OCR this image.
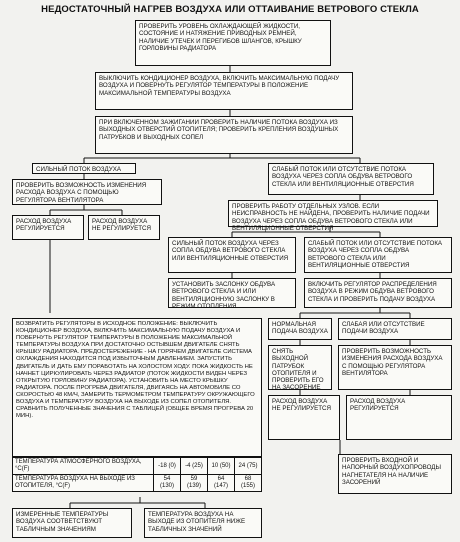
НЕДОСТАТОЧНЫЙ НАГРЕВ ВОЗДУХА ИЛИ ОТТАИВАНИЕ ВЕТРОВОГО СТЕКЛА
ПРОВЕРИТЬ УРОВЕНЬ ОХЛАЖДАЮЩЕЙ ЖИДКОСТИ, СОСТОЯНИЕ И НАТЯЖЕНИЕ ПРИВОДНЫХ РЕМНЕЙ, НАЛИЧИЕ УТЕЧЕК И ПЕРЕГИБОВ ШЛАНГОВ, КРЫШКУ ГОРЛОВИНЫ РАДИАТОРА
ВЫКЛЮЧИТЬ КОНДИЦИОНЕР ВОЗДУХА, ВКЛЮЧИТЬ МАКСИМАЛЬНУЮ ПОДАЧУ ВОЗДУХА И ПОВЕРНУТЬ РЕГУЛЯТОР ТЕМПЕРАТУРЫ В ПОЛОЖЕНИЕ МАКСИМАЛЬНОЙ ТЕМПЕРАТУРЫ ВОЗДУХА
ПРИ ВКЛЮЧЕННОМ ЗАЖИГАНИИ ПРОВЕРИТЬ НАЛИЧИЕ ПОТОКА ВОЗДУХА ИЗ ВЫХОДНЫХ ОТВЕРСТИЙ ОТОПИТЕЛЯ; ПРОВЕРИТЬ КРЕПЛЕНИЯ ВОЗДУШНЫХ ПАТРУБКОВ И ВЫХОДНЫХ СОПЕЛ
СИЛЬНЫЙ ПОТОК ВОЗДУХА	СЛАБЫЙ ПОТОК ИЛИ ОТСУТСТВИЕ ПОТОКА ВОЗДУХА ЧЕРЕЗ СОПЛА ОБДУВА ВЕТРОВОГО СТЕКЛА ИЛИ ВЕНТИЛЯЦИОННЫЕ ОТВЕРСТИЯ
ПРОВЕРИТЬ ВОЗМОЖНОСТЬ ИЗМЕНЕНИЯ РАСХОДА ВОЗДУХА С ПОМОЩЬЮ РЕГУЛЯТОРА ВЕНТИЛЯТОРА
РАСХОД ВОЗДУХА РЕГУЛИРУЕТСЯ
РАСХОД ВОЗДУХА НЕ РЕГУЛИРУЕТСЯ
ПРОВЕРИТЬ РАБОТУ ОТДЕЛЬНЫХ УЗЛОВ. ЕСЛИ НЕИСПРАВНОСТЬ НЕ НАЙДЕНА, ПРОВЕРИТЬ НАЛИЧИЕ ПОДАЧИ ВОЗДУХА ЧЕРЕЗ СОПЛА ОБДУВА ВЕТРОВОГО СТЕКЛА ИЛИ ВЕНТИЛЯЦИОННЫЕ ОТВЕРСТИЯ
СИЛЬНЫЙ ПОТОК ВОЗДУХА ЧЕРЕЗ СОПЛА ОБДУВА ВЕТРОВОГО СТЕКЛА ИЛИ ВЕНТИЛЯЦИОННЫЕ ОТВЕРСТИЯ
СЛАБЫЙ ПОТОК ИЛИ ОТСУТСТВИЕ ПОТОКА ВОЗДУХА ЧЕРЕЗ СОПЛА ОБДУВА ВЕТРОВОГО СТЕКЛА ИЛИ ВЕНТИЛЯЦИОННЫЕ ОТВЕРСТИЯ
УСТАНОВИТЬ ЗАСЛОНКУ ОБДУВА ВЕТРОВОГО СТЕКЛА И ИЛИ ВЕНТИЛЯЦИОННУЮ ЗАСЛОНКУ В РЕЖИМ ОТОПЛЕНИЯ
ВКЛЮЧИТЬ РЕГУЛЯТОР РАСПРЕДЕЛЕНИЯ ВОЗДУХА В РЕЖИМ ОБДУВА ВЕТРОВОГО СТЕКЛА И ПРОВЕРИТЬ ПОДАЧУ ВОЗДУХА
ВОЗВРАТИТЬ РЕГУЛЯТОРЫ В ИСХОДНОЕ ПОЛОЖЕНИЕ: ВЫКЛЮЧИТЬ КОНДИЦИОНЕР ВОЗДУХА, ВКЛЮЧИТЬ МАКСИМАЛЬНУЮ ПОДАЧУ ВОЗДУХА И ПОВЕРНУТЬ РЕГУЛЯТОР ТЕМПЕРАТУРЫ В ПОЛОЖЕНИЕ МАКСИМАЛЬНОЙ ТЕМПЕРАТУРЫ ВОЗДУХА ПРИ ДОСТАТОЧНО ОСТЫВШЕМ ДВИГАТЕЛЕ СНЯТЬ КРЫШКУ РАДИАТОРА. ПРЕДОСТЕРЕЖЕНИЕ - НА ГОРЯЧЕМ ДВИГАТЕЛЕ СИСТЕМА ОХЛАЖДЕНИЯ НАХОДИТСЯ ПОД ИЗБЫТОЧНЫМ ДАВЛЕНИЕМ. ЗАПУСТИТЬ ДВИГАТЕЛЬ И ДАТЬ ЕМУ ПОРАБОТАТЬ НА ХОЛОСТОМ ХОДУ. ПОКА ЖИДКОСТЬ НЕ НАЧНЕТ ЦИРКУЛИРОВАТЬ ЧЕРЕЗ РАДИАТОР (ПОТОК ЖИДКОСТИ ВИДЕН ЧЕРЕЗ ОТКРЫТУЮ ГОРЛОВИНУ РАДИАТОРА). УСТАНОВИТЬ НА МЕСТО КРЫШКУ РАДИАТОРА. ПОСЛЕ ПРОГРЕВА ДВИГАТЕЛЯ, ДВИГАЯСЬ НА АВТОМОБИЛЕ СО СКОРОСТЬЮ 48 КМ/Ч, ЗАМЕРИТЬ ТЕРМОМЕТРОМ ТЕМПЕРАТУРУ ОКРУЖАЮЩЕГО ВОЗДУХА И ТЕМПЕРАТУРУ ВОЗДУХА НА ВЫХОДЕ ИЗ СОПЕЛ ОТОПИТЕЛЯ. СРАВНИТЬ ПОЛУЧЕННЫЕ ЗНАЧЕНИЯ С ТАБЛИЦЕЙ (ОБЩЕЕ ВРЕМЯ ПРОГРЕВА 20 МИН).
НОРМАЛЬНАЯ ПОДАЧА ВОЗДУХА
СЛАБАЯ ИЛИ ОТСУТСТВИЕ ПОДАЧИ ВОЗДУХА
СНЯТЬ ВЫХОДНОЙ ПАТРУБОК ОТОПИТЕЛЯ И ПРОВЕРИТЬ ЕГО НА ЗАСОРЕНИЕ
ПРОВЕРИТЬ ВОЗМОЖНОСТЬ ИЗМЕНЕНИЯ РАСХОДА ВОЗДУХА С ПОМОЩЬЮ РЕГУЛЯТОРА ВЕНТИЛЯТОРА
РАСХОД ВОЗДУХА НЕ РЕГУЛИРУЕТСЯ
РАСХОД ВОЗДУХА РЕГУЛИРУЕТСЯ
ПРОВЕРИТЬ ВХОДНОЙ И НАПОРНЫЙ ВОЗДУХОПРОВОДЫ НАГНЕТАТЕЛЯ НА НАЛИЧИЕ ЗАСОРЕНИЙ
ТЕМПЕРАТУРА АТМОСФЕРНОГО ВОЗДУХА, °C(F)	-18 (0)	-4 (25)	10 (50)	24 (75)
ТЕМПЕРАТУРА ВОЗДУХА НА ВЫХОДЕ ИЗ ОТОПИТЕЛЯ, °C(F)	54 (130)	59 (139)	64 (147)	68 (155)
ИЗМЕРЕННЫЕ ТЕМПЕРАТУРЫ ВОЗДУХА СООТВЕТСТВУЮТ ТАБЛИЧНЫМ ЗНАЧЕНИЯМ
ТЕМПЕРАТУРА ВОЗДУХА НА ВЫХОДЕ ИЗ ОТОПИТЕЛЯ НИЖЕ ТАБЛИЧНЫХ ЗНАЧЕНИЙ
